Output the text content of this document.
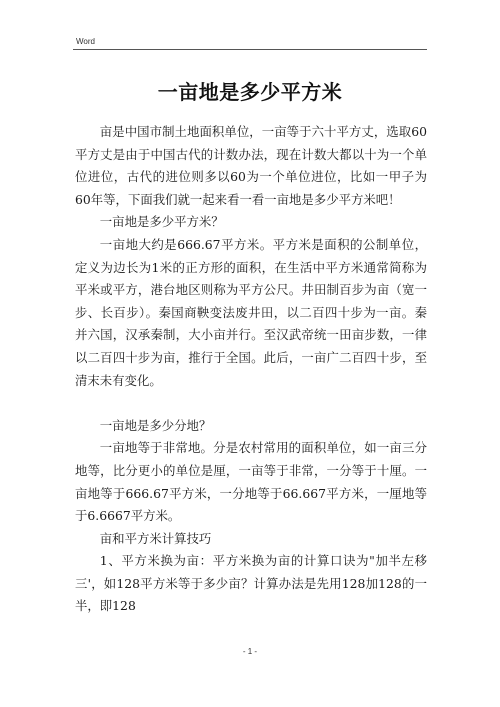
Word
一亩地是多少平方米

亩是中国市制土地面积单位，一亩等于六十平方丈，选取60平方丈是由于中国古代的计数办法，现在计数大都以十为一个单位进位，古代的进位则多以60为一个单位进位，比如一甲子为60年等，下面我们就一起来看一看一亩地是多少平方米吧！

一亩地是多少平方米？

一亩地大约是666.67平方米。平方米是面积的公制单位，定义为边长为1米的正方形的面积，在生活中平方米通常简称为平米或平方，港台地区则称为平方公尺。井田制百步为亩（宽一步、长百步）。秦国商鞅变法废井田，以二百四十步为一亩。秦并六国，汉承秦制，大小亩并行。至汉武帝统一田亩步数，一律以二百四十步为亩，推行于全国。此后，一亩广二百四十步，至清末未有变化。

一亩地是多少分地？

一亩地等于非常地。分是农村常用的面积单位，如一亩三分地等，比分更小的单位是厘，一亩等于非常，一分等于十厘。一亩地等于666.67平方米，一分地等于66.667平方米，一厘地等于6.6667平方米。

亩和平方米计算技巧

1、平方米换为亩：平方米换为亩的计算口诀为"加半左移三'，如128平方米等于多少亩？计算办法是先用128加128的一半，即128

- 1 -
